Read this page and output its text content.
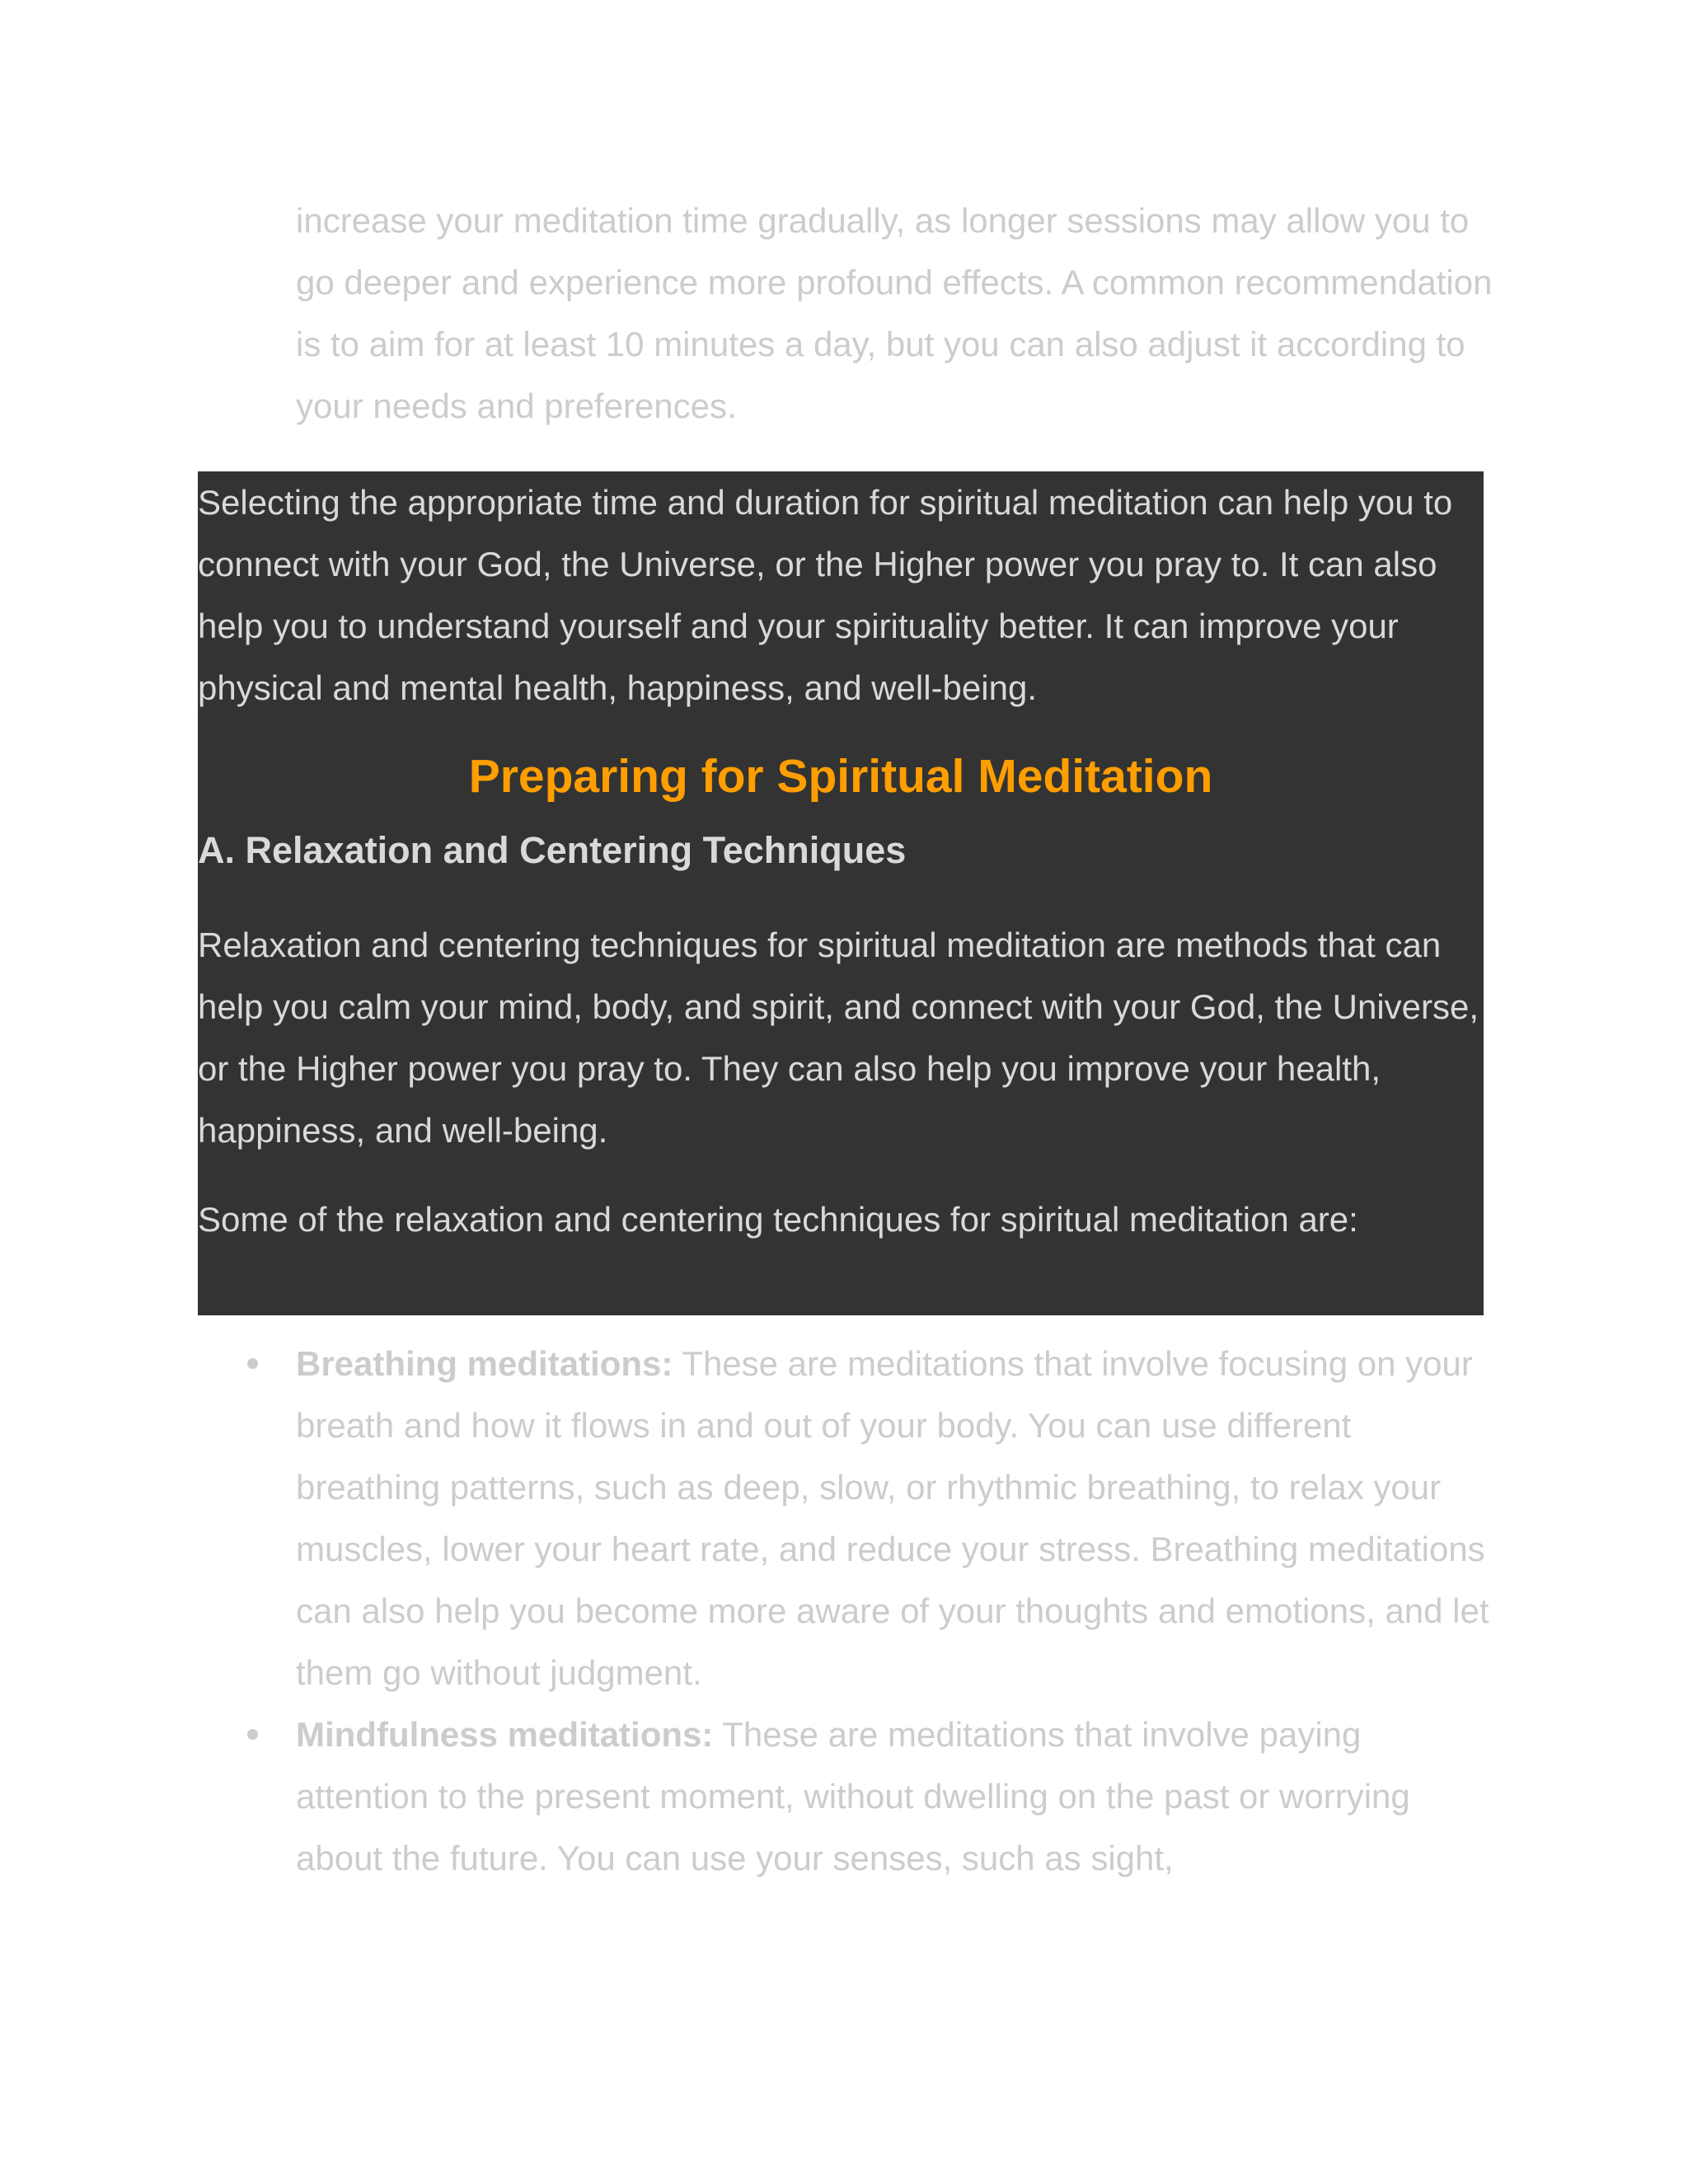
increase your meditation time gradually, as longer sessions may allow you to go deeper and experience more profound effects. A common recommendation is to aim for at least 10 minutes a day, but you can also adjust it according to your needs and preferences.

Selecting the appropriate time and duration for spiritual meditation can help you to connect with your God, the Universe, or the Higher power you pray to. It can also help you to understand yourself and your spirituality better. It can improve your physical and mental health, happiness, and well-being.

Preparing for Spiritual Meditation
A. Relaxation and Centering Techniques

Relaxation and centering techniques for spiritual meditation are methods that can help you calm your mind, body, and spirit, and connect with your God, the Universe, or the Higher power you pray to. They can also help you improve your health, happiness, and well-being.

Some of the relaxation and centering techniques for spiritual meditation are:

Breathing meditations: These are meditations that involve focusing on your breath and how it flows in and out of your body. You can use different breathing patterns, such as deep, slow, or rhythmic breathing, to relax your muscles, lower your heart rate, and reduce your stress. Breathing meditations can also help you become more aware of your thoughts and emotions, and let them go without judgment.
Mindfulness meditations: These are meditations that involve paying attention to the present moment, without dwelling on the past or worrying about the future. You can use your senses, such as sight,
